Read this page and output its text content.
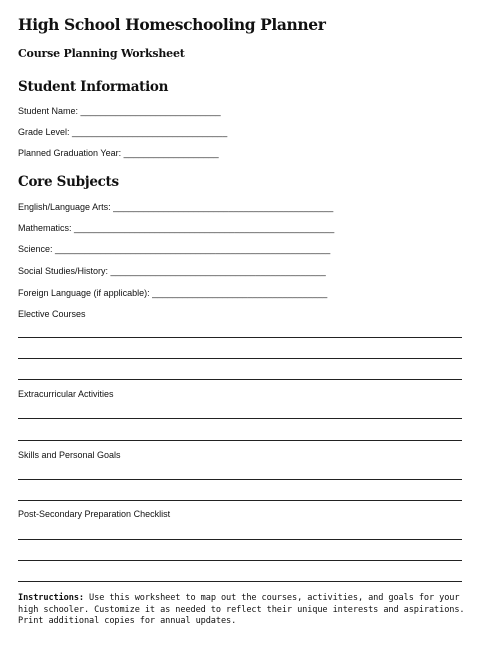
High School Homeschooling Planner
Course Planning Worksheet
Student Information
Student Name: ____________________________
Grade Level: _______________________________
Planned Graduation Year: ___________________
Core Subjects
English/Language Arts: ____________________________________________
Mathematics: ____________________________________________________
Science: _______________________________________________________
Social Studies/History: ___________________________________________
Foreign Language (if applicable): ___________________________________
Elective Courses
Extracurricular Activities
Skills and Personal Goals
Post-Secondary Preparation Checklist
Instructions: Use this worksheet to map out the courses, activities, and goals for your high schooler. Customize it as needed to reflect their unique interests and aspirations. Print additional copies for annual updates.
